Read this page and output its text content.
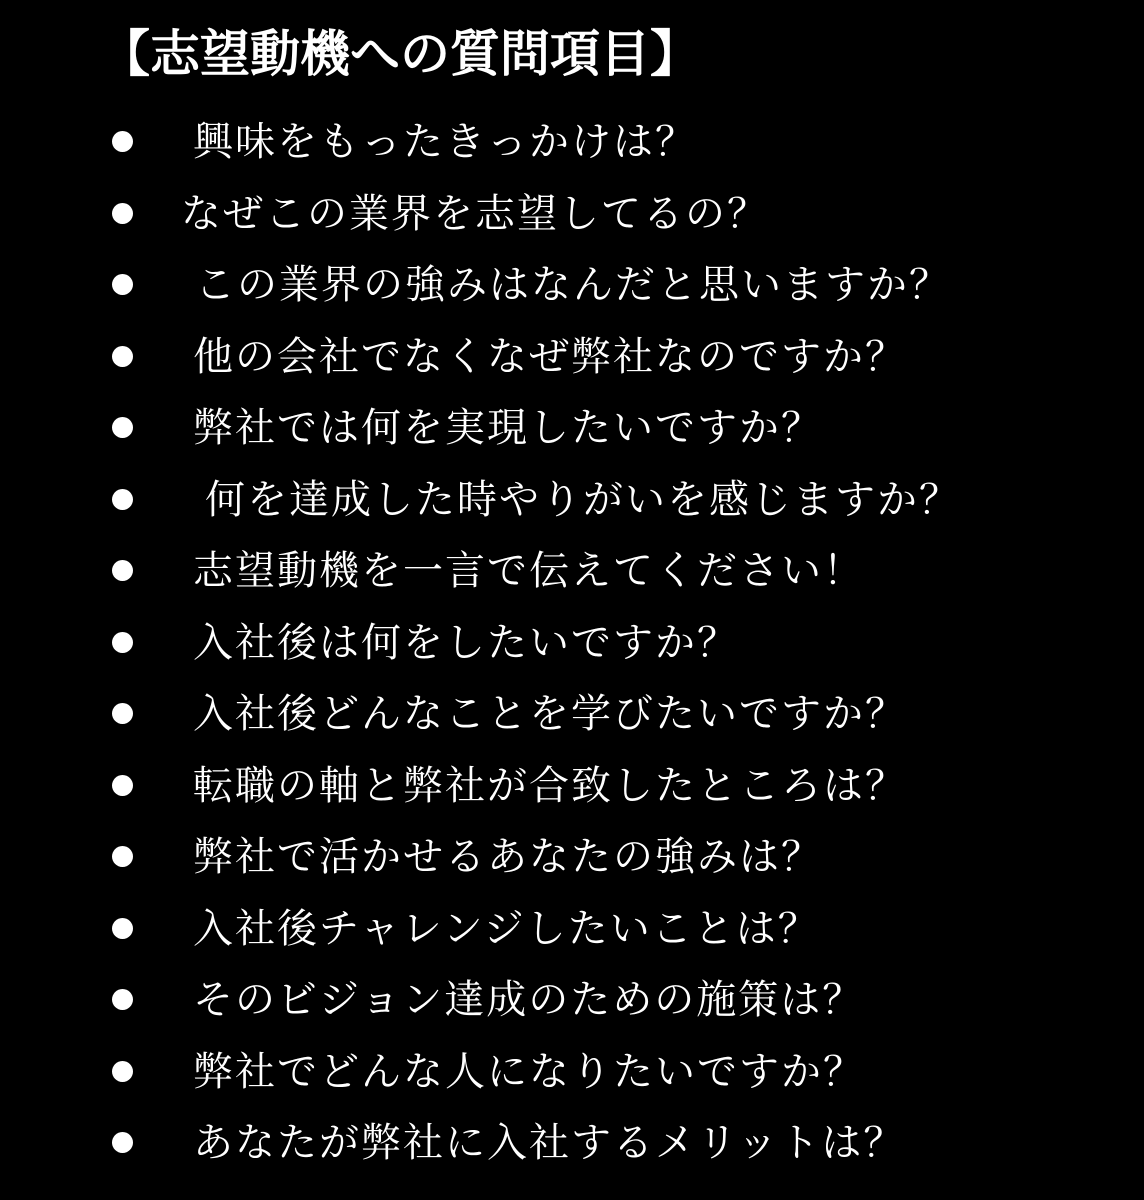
【志望動機への質問項目】
興味をもったきっかけは？
なぜこの業界を志望してるの？
この業界の強みはなんだと思いますか？
他の会社でなくなぜ弊社なのですか？
弊社では何を実現したいですか？
何を達成した時やりがいを感じますか？
志望動機を一言で伝えてください！
入社後は何をしたいですか？
入社後どんなことを学びたいですか？
転職の軸と弊社が合致したところは？
弊社で活かせるあなたの強みは？
入社後チャレンジしたいことは？
そのビジョン達成のための施策は？
弊社でどんな人になりたいですか？
あなたが弊社に入社するメリットは？
